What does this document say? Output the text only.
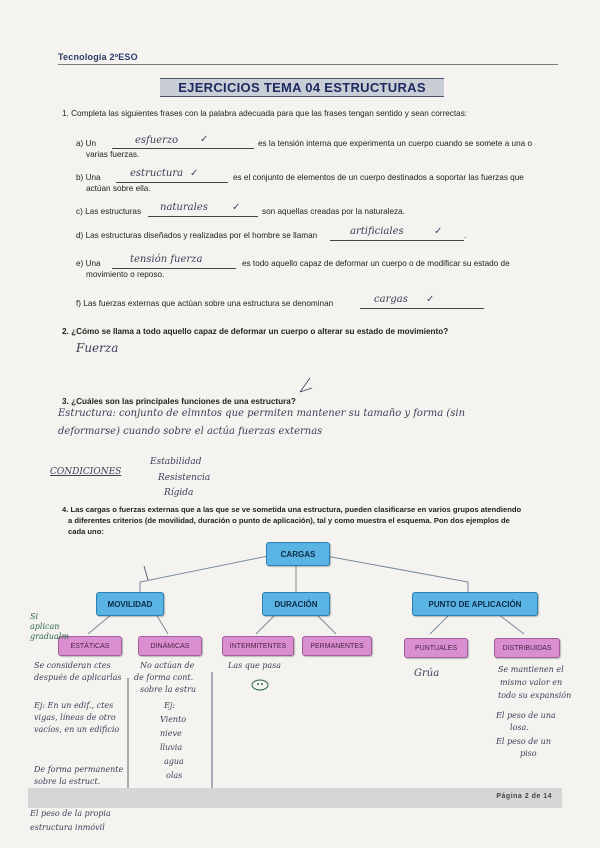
Tecnología 2ºESO
EJERCICIOS TEMA 04 ESTRUCTURAS
1. Completa las siguientes frases con la palabra adecuada para que las frases tengan sentido y sean correctas:
a) Un	esfuerzo ✓	es la tensión interna que experimenta un cuerpo cuando se somete a una o
varias fuerzas.
b) Una	estructura ✓	es el conjunto de elementos de un cuerpo destinados a soportar las fuerzas que
actúan sobre ella.
c) Las estructuras naturales ✓	son aquellas creadas por la naturaleza.
d) Las estructuras diseñados y realizadas por el hombre se llaman	artificiales	✓	.
e) Una	tensión fuerza	es todo aquello capaz de deformar un cuerpo o de modificar su estado de
movimiento o reposo.
f) Las fuerzas externas que actúan sobre una estructura se denominan	cargas ✓
2. ¿Cómo se llama a todo aquello capaz de deformar un cuerpo o alterar su estado de movimiento?
Fuerza
3. ¿Cuáles son las principales funciones de una estructura?
Estructura: conjunto de elmntos que permiten mantener su tamaño y forma (sin
deformarse) cuando sobre el actúa fuerzas externas
CONDICIONES
Estabilidad
Resistencia
Rígida
4. Las cargas o fuerzas externas que a las que se ve sometida una estructura, pueden clasificarse en varios grupos atendiendo
a diferentes criterios (de movilidad, duración o punto de aplicación), tal y como muestra el esquema. Pon dos ejemplos de
cada uno:
CARGAS
MOVILIDAD	DURACIÓN	PUNTO DE APLICACIÓN
ESTÁTICAS	DINÁMICAS	INTERMITENTES	PERMANENTES	PUNTUALES	DISTRIBUIDAS
Si aplican gradualm
Se consideran ctes
después de aplicarlas
Ej: En un edif., ctes
vigas, líneas de otro
vacíos, en un edificio
De forma permanente
sobre la estruct.
El peso de la propia
estructura inmóvil
No actúan de
de forma cont.
sobre la estru
Ej:
Viento
nieve
lluvia
agua
olas
Las que pasa
Grúa	Se mantienen el
mismo valor en
todo su expansión
El peso de una
losa.
El peso de un
piso
Página 2 de 14
